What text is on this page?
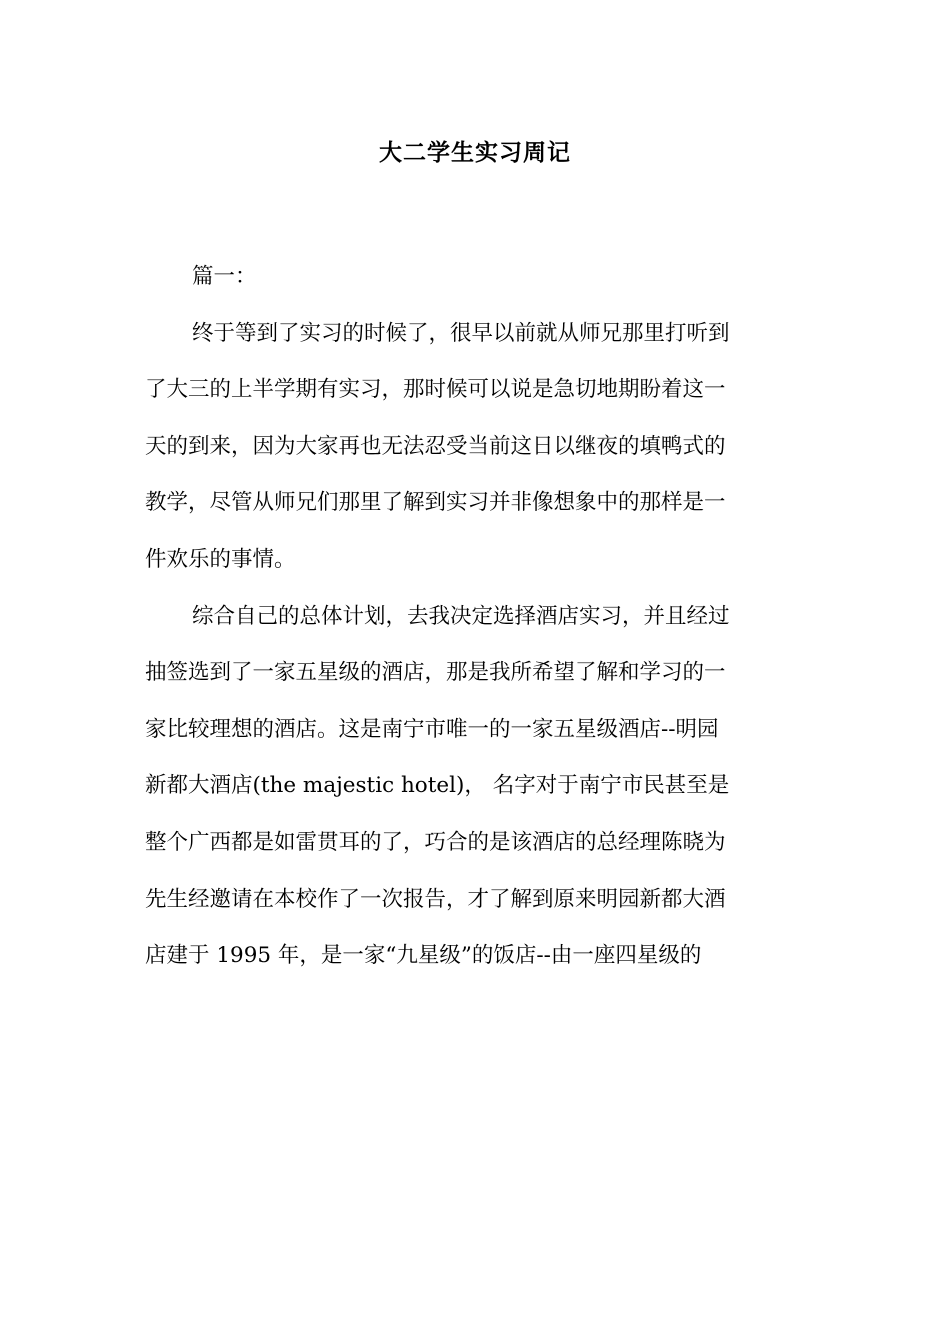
大二学生实习周记
篇一：
终于等到了实习的时候了，很早以前就从师兄那里打听到
了大三的上半学期有实习，那时候可以说是急切地期盼着这一
天的到来，因为大家再也无法忍受当前这日以继夜的填鸭式的
教学，尽管从师兄们那里了解到实习并非像想象中的那样是一
件欢乐的事情。
综合自己的总体计划，去我决定选择酒店实习，并且经过
抽签选到了一家五星级的酒店，那是我所希望了解和学习的一
家比较理想的酒店。这是南宁市唯一的一家五星级酒店--明园
新都大酒店(the majestic hotel)， 名字对于南宁市民甚至是
整个广西都是如雷贯耳的了，巧合的是该酒店的总经理陈晓为
先生经邀请在本校作了一次报告，才了解到原来明园新都大酒
店建于 1995 年，是一家“九星级”的饭店--由一座四星级的
